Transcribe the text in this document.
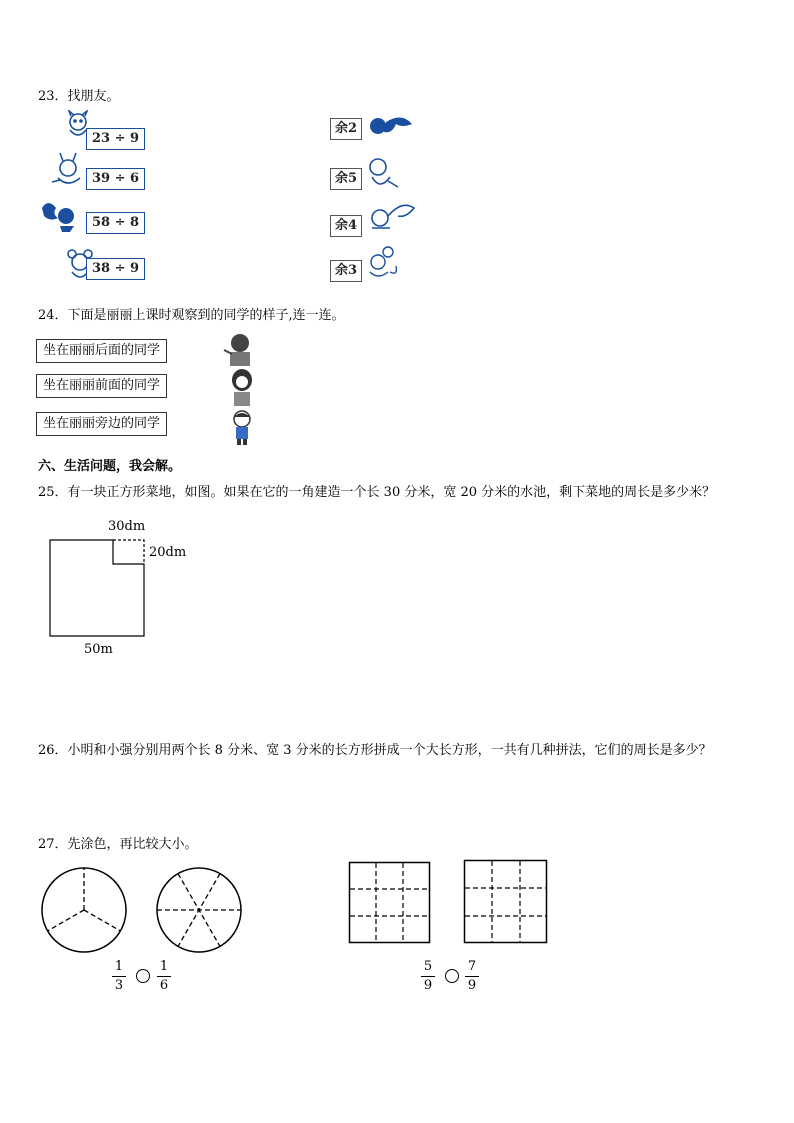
23．找朋友。
23 ÷ 9
39 ÷ 6
58 ÷ 8
38 ÷ 9
余2
余5
余4
余3
24．下面是丽丽上课时观察到的同学的样子,连一连。
坐在丽丽后面的同学
坐在丽丽前面的同学
坐在丽丽旁边的同学
六、生活问题，我会解。
25．有一块正方形菜地，如图。如果在它的一角建造一个长 30 分米，宽 20 分米的水池，剩下菜地的周长是多少米？
30dm
20dm
50m
26．小明和小强分别用两个长 8 分米、宽 3 分米的长方形拼成一个大长方形，一共有几种拼法，它们的周长是多少？
27．先涂色，再比较大小。
1
3
1
6
5
9
7
9
